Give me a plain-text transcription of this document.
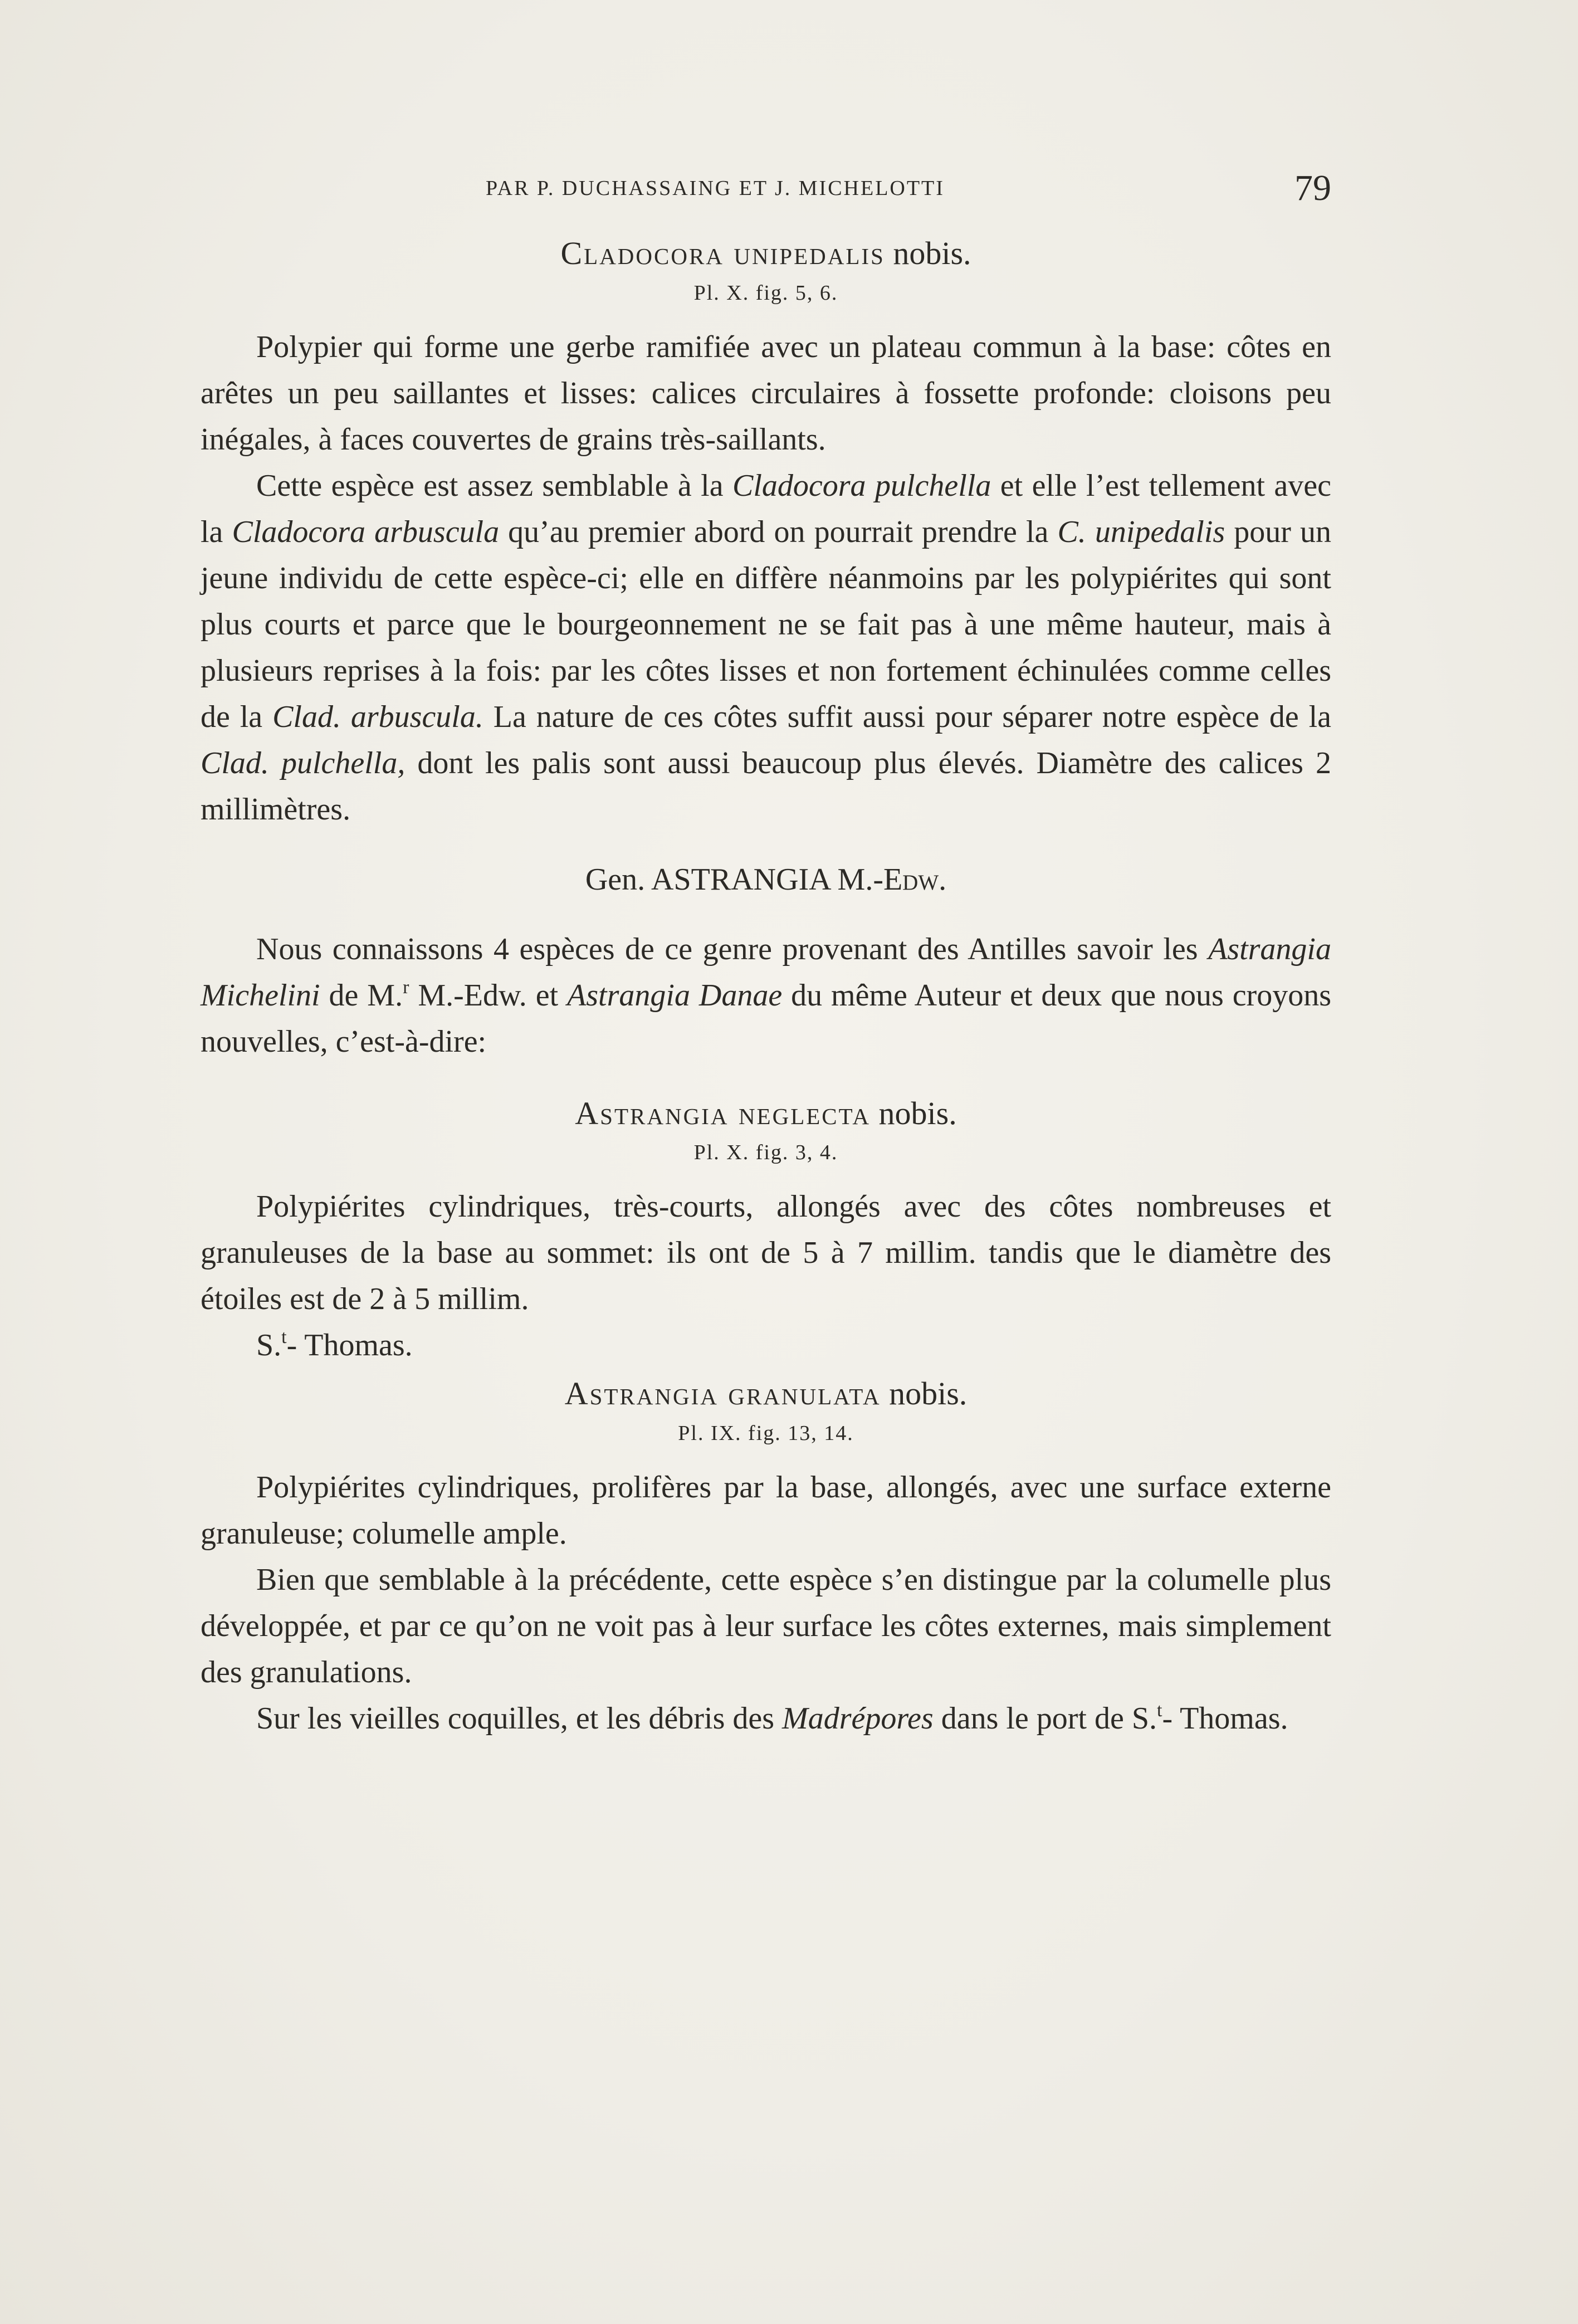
PAR P. DUCHASSAING ET J. MICHELOTTI	79

Cladocora unipedalis nobis.

Pl. X. fig. 5, 6.

Polypier qui forme une gerbe ramifiée avec un plateau commun à la base: côtes en arêtes un peu saillantes et lisses: calices circulaires à fossette profonde: cloisons peu inégales, à faces couvertes de grains très-saillants.

Cette espèce est assez semblable à la Cladocora pulchella et elle l’est tellement avec la Cladocora arbuscula qu’au premier abord on pourrait prendre la C. unipedalis pour un jeune individu de cette espèce-ci; elle en diffère néanmoins par les polypiérites qui sont plus courts et parce que le bourgeonnement ne se fait pas à une même hauteur, mais à plusieurs reprises à la fois: par les côtes lisses et non fortement échinulées comme celles de la Clad. arbuscula. La nature de ces côtes suffit aussi pour séparer notre espèce de la Clad. pulchella, dont les palis sont aussi beaucoup plus élevés. Diamètre des calices 2 millimètres.

Gen. ASTRANGIA M.-Edw.

Nous connaissons 4 espèces de ce genre provenant des Antilles savoir les Astrangia Michelini de M.$^r$ M.-Edw. et Astrangia Danae du même Auteur et deux que nous croyons nouvelles, c’est-à-dire:

Astrangia neglecta nobis.

Pl. X. fig. 3, 4.

Polypiérites cylindriques, très-courts, allongés avec des côtes nombreuses et granuleuses de la base au sommet: ils ont de 5 à 7 millim. tandis que le diamètre des étoiles est de 2 à 5 millim.

S.$^t$- Thomas.

Astrangia granulata nobis.

Pl. IX. fig. 13, 14.

Polypiérites cylindriques, prolifères par la base, allongés, avec une surface externe granuleuse; columelle ample.

Bien que semblable à la précédente, cette espèce s’en distingue par la columelle plus développée, et par ce qu’on ne voit pas à leur surface les côtes externes, mais simplement des granulations.

Sur les vieilles coquilles, et les débris des Madrépores dans le port de S.$^t$- Thomas.
